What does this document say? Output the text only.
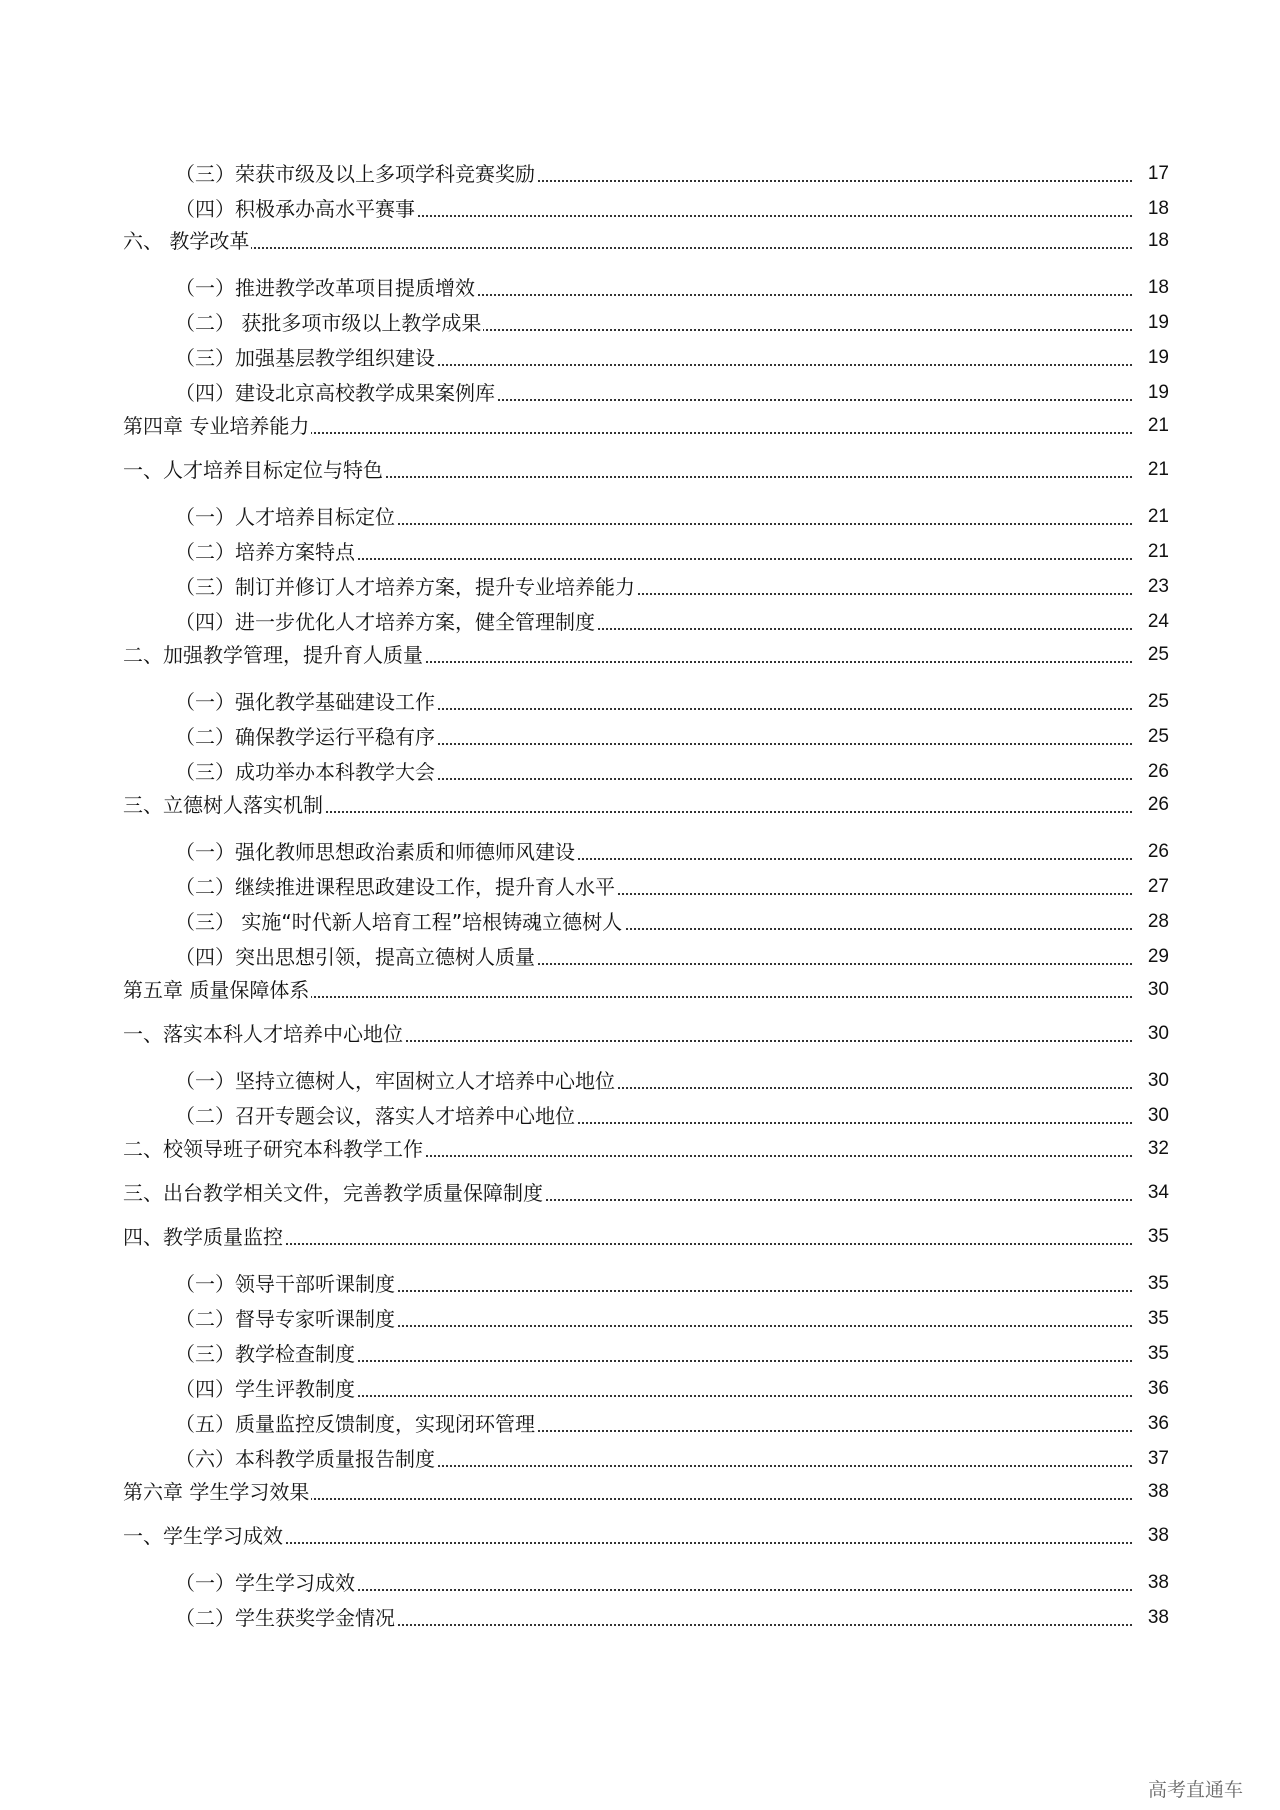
（三）荣获市级及以上多项学科竞赛奖励	17
（四）积极承办高水平赛事	18
六、 教学改革	18
（一）推进教学改革项目提质增效	18
（二） 获批多项市级以上教学成果	19
（三）加强基层教学组织建设	19
（四）建设北京高校教学成果案例库	19
第四章 专业培养能力	21
一、人才培养目标定位与特色	21
（一）人才培养目标定位	21
（二）培养方案特点	21
（三）制订并修订人才培养方案，提升专业培养能力	23
（四）进一步优化人才培养方案，健全管理制度	24
二、加强教学管理，提升育人质量	25
（一）强化教学基础建设工作	25
（二）确保教学运行平稳有序	25
（三）成功举办本科教学大会	26
三、立德树人落实机制	26
（一）强化教师思想政治素质和师德师风建设	26
（二）继续推进课程思政建设工作，提升育人水平	27
（三） 实施“时代新人培育工程”培根铸魂立德树人	28
（四）突出思想引领，提高立德树人质量	29
第五章 质量保障体系	30
一、落实本科人才培养中心地位	30
（一）坚持立德树人，牢固树立人才培养中心地位	30
（二）召开专题会议，落实人才培养中心地位	30
二、校领导班子研究本科教学工作	32
三、出台教学相关文件，完善教学质量保障制度	34
四、教学质量监控	35
（一）领导干部听课制度	35
（二）督导专家听课制度	35
（三）教学检查制度	35
（四）学生评教制度	36
（五）质量监控反馈制度，实现闭环管理	36
（六）本科教学质量报告制度	37
第六章 学生学习效果	38
一、学生学习成效	38
（一）学生学习成效	38
（二）学生获奖学金情况	38
高考直通车
